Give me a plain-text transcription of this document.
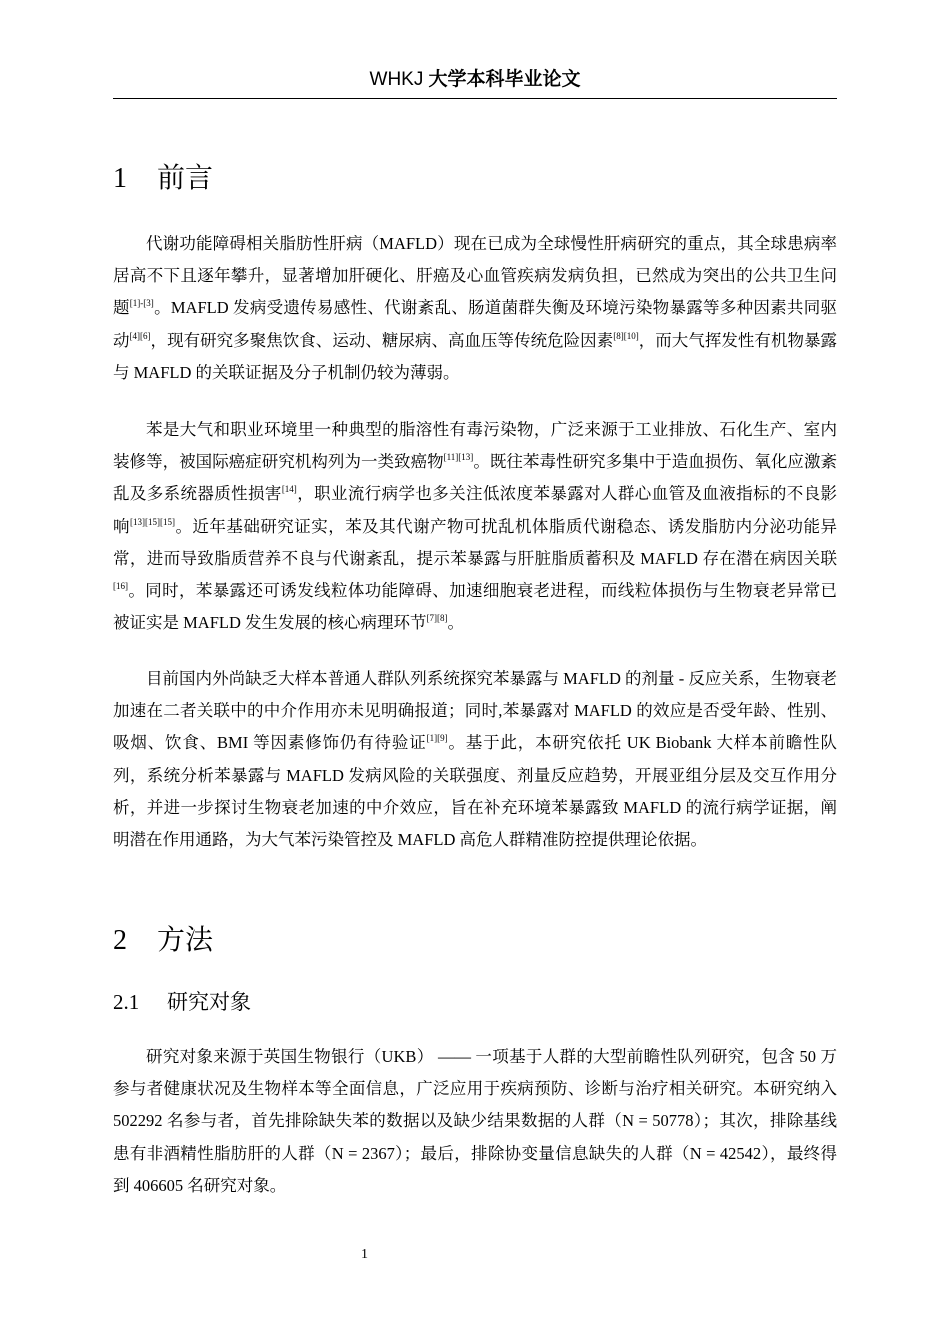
WHKJ 大学本科毕业论文
1 前言

代谢功能障碍相关脂肪性肝病（MAFLD）现在已成为全球慢性肝病研究的重点，其全球患病率居高不下且逐年攀升，显著增加肝硬化、肝癌及心血管疾病发病负担，已然成为突出的公共卫生问题[1]-[3]。MAFLD 发病受遗传易感性、代谢紊乱、肠道菌群失衡及环境污染物暴露等多种因素共同驱动[4][6]，现有研究多聚焦饮食、运动、糖尿病、高血压等传统危险因素[8][10]，而大气挥发性有机物暴露与 MAFLD 的关联证据及分子机制仍较为薄弱。

苯是大气和职业环境里一种典型的脂溶性有毒污染物，广泛来源于工业排放、石化生产、室内装修等，被国际癌症研究机构列为一类致癌物[11][13]。既往苯毒性研究多集中于造血损伤、氧化应激紊乱及多系统器质性损害[14]，职业流行病学也多关注低浓度苯暴露对人群心血管及血液指标的不良影响[13][15][15]。近年基础研究证实，苯及其代谢产物可扰乱机体脂质代谢稳态、诱发脂肪内分泌功能异常，进而导致脂质营养不良与代谢紊乱，提示苯暴露与肝脏脂质蓄积及 MAFLD 存在潜在病因关联[16]。同时，苯暴露还可诱发线粒体功能障碍、加速细胞衰老进程，而线粒体损伤与生物衰老异常已被证实是 MAFLD 发生发展的核心病理环节[7][8]。

目前国内外尚缺乏大样本普通人群队列系统探究苯暴露与 MAFLD 的剂量 - 反应关系，生物衰老加速在二者关联中的中介作用亦未见明确报道；同时,苯暴露对 MAFLD 的效应是否受年龄、性别、吸烟、饮食、BMI 等因素修饰仍有待验证[1][9]。基于此，本研究依托 UK Biobank 大样本前瞻性队列，系统分析苯暴露与 MAFLD 发病风险的关联强度、剂量反应趋势，开展亚组分层及交互作用分析，并进一步探讨生物衰老加速的中介效应，旨在补充环境苯暴露致 MAFLD 的流行病学证据，阐明潜在作用通路，为大气苯污染管控及 MAFLD 高危人群精准防控提供理论依据。

2 方法
2.1 研究对象

研究对象来源于英国生物银行（UKB） —— 一项基于人群的大型前瞻性队列研究，包含 50 万参与者健康状况及生物样本等全面信息，广泛应用于疾病预防、诊断与治疗相关研究。本研究纳入 502292 名参与者，首先排除缺失苯的数据以及缺少结果数据的人群（N = 50778）；其次，排除基线患有非酒精性脂肪肝的人群（N = 2367）；最后，排除协变量信息缺失的人群（N = 42542），最终得到 406605 名研究对象。

1
